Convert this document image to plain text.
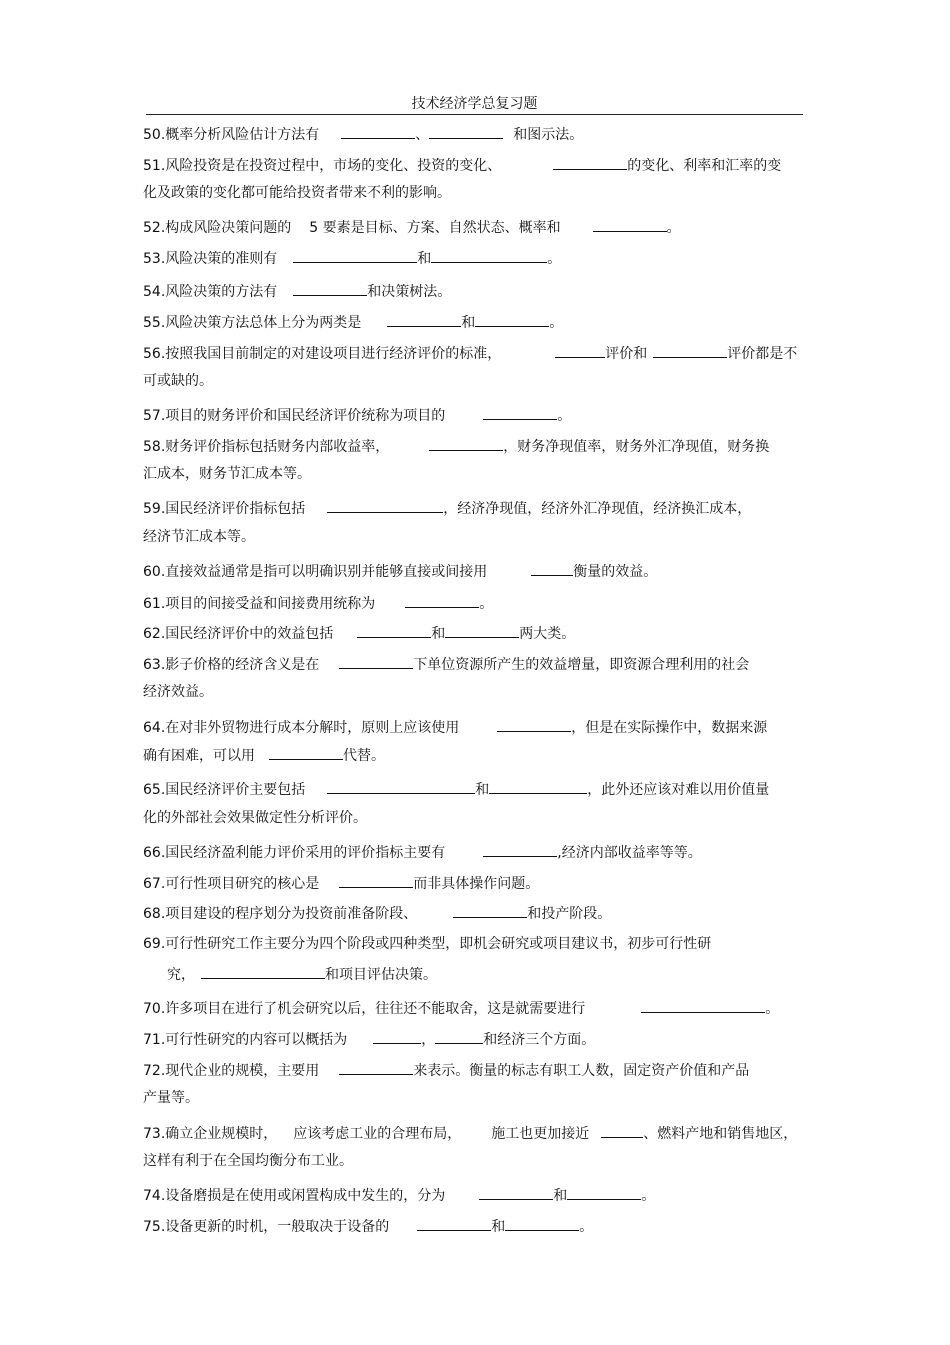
技术经济学总复习题
50.概率分析风险估计方法有	、	和图示法。
51.风险投资是在投资过程中，市场的变化、投资的变化、	的变化、利率和汇率的变
化及政策的变化都可能给投资者带来不利的影响。
52.构成风险决策问题的 5 要素是目标、方案、自然状态、概率和	。
53.风险决策的准则有	和	。
54.风险决策的方法有	和决策树法。
55.风险决策方法总体上分为两类是	和	。
56.按照我国目前制定的对建设项目进行经济评价的标准，	评价和	评价都是不
可或缺的。
57.项目的财务评价和国民经济评价统称为项目的	。
58.财务评价指标包括财务内部收益率，	，财务净现值率，财务外汇净现值，财务换
汇成本，财务节汇成本等。
59.国民经济评价指标包括	，经济净现值，经济外汇净现值，经济换汇成本，
经济节汇成本等。
60.直接效益通常是指可以明确识别并能够直接或间接用	衡量的效益。
61.项目的间接受益和间接费用统称为	。
62.国民经济评价中的效益包括	和	两大类。
63.影子价格的经济含义是在	下单位资源所产生的效益增量，即资源合理利用的社会
经济效益。
64.在对非外贸物进行成本分解时，原则上应该使用	，但是在实际操作中，数据来源
确有困难，可以用	代替。
65.国民经济评价主要包括	和	，此外还应该对难以用价值量
化的外部社会效果做定性分析评价。
66.国民经济盈利能力评价采用的评价指标主要有	,经济内部收益率等等。
67.可行性项目研究的核心是	而非具体操作问题。
68.项目建设的程序划分为投资前准备阶段、	和投产阶段。
69.可行性研究工作主要分为四个阶段或四种类型，即机会研究或项目建议书，初步可行性研
究，	和项目评估决策。
70.许多项目在进行了机会研究以后，往往还不能取舍，这是就需要进行	。
71.可行性研究的内容可以概括为	，	和经济三个方面。
72.现代企业的规模，主要用	来表示。衡量的标志有职工人数，固定资产价值和产品
产量等。
73.确立企业规模时， 应该考虑工业的合理布局， 施工也更加接近	、燃料产地和销售地区，
这样有利于在全国均衡分布工业。
74.设备磨损是在使用或闲置构成中发生的，分为	和	。
75.设备更新的时机，一般取决于设备的	和	。
